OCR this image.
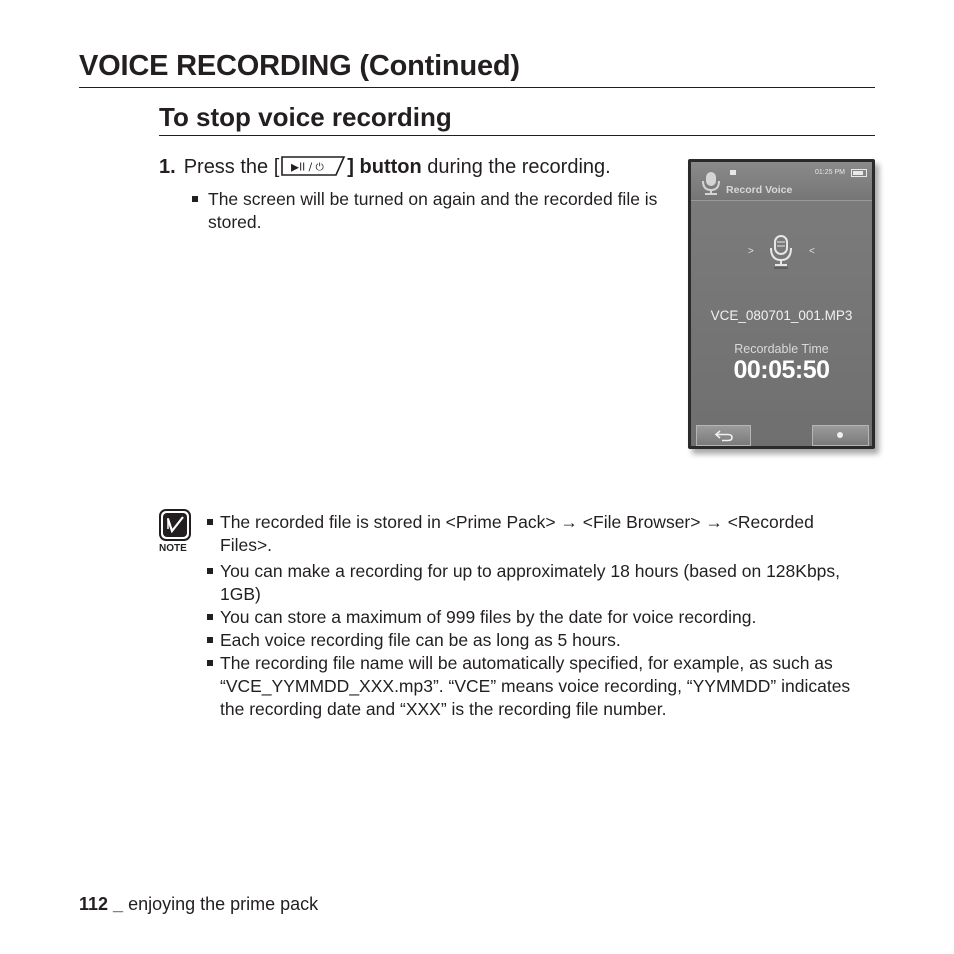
VOICE RECORDING (Continued)
To stop voice recording
1. Press the [ ▶II / ⏻ ] button during the recording.
The screen will be turned on again and the recorded file is stored.
Record Voice
01:25 PM
>	<
VCE_080701_001.MP3
Recordable Time
00:05:50
NOTE
The recorded file is stored in <Prime Pack> → <File Browser> → <Recorded Files>.
You can make a recording for up to approximately 18 hours (based on 128Kbps, 1GB)
You can store a maximum of 999 files by the date for voice recording.
Each voice recording file can be as long as 5 hours.
The recording file name will be automatically specified, for example, as such as “VCE_YYMMDD_XXX.mp3”. “VCE” means voice recording, “YYMMDD” indicates the recording date and “XXX” is the recording file number.
112 _ enjoying the prime pack
